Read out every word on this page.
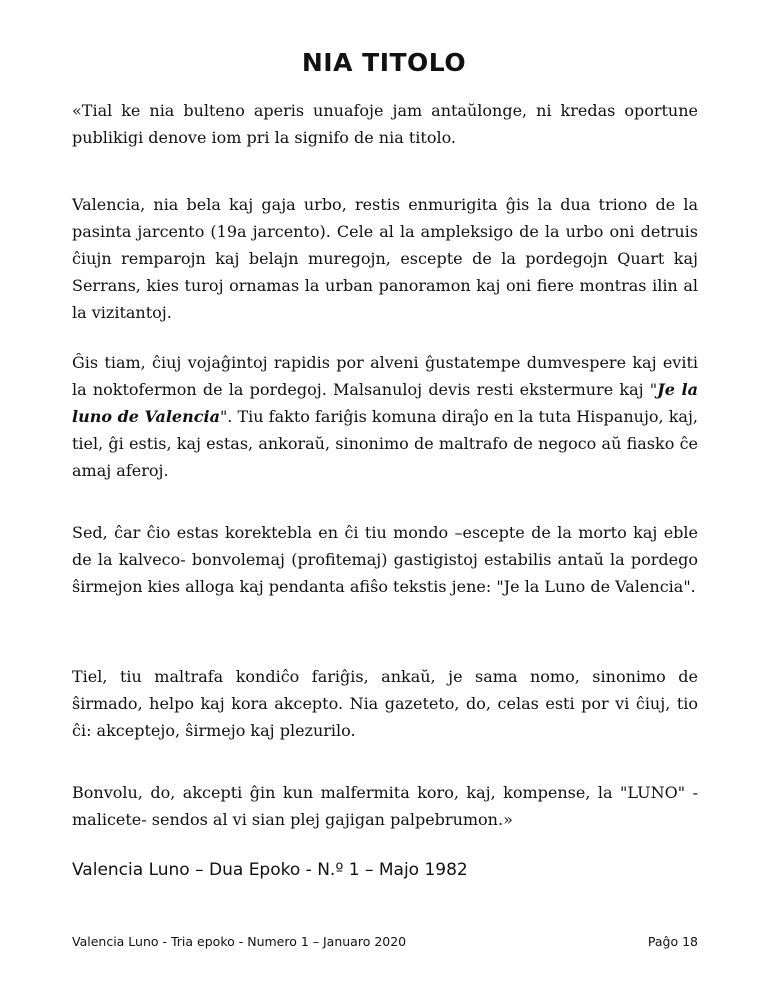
NIA TITOLO

«Tial ke nia bulteno aperis unuafoje jam antaŭlonge, ni kredas oportune publikigi denove iom pri la signifo de nia titolo.

Valencia, nia bela kaj gaja urbo, restis enmurigita ĝis la dua triono de la pasinta jarcento (19a jarcento). Cele al la ampleksigo de la urbo oni detruis ĉiujn remparojn kaj belajn muregojn, escepte de la pordegojn Quart kaj Serrans, kies turoj ornamas la urban panoramon kaj oni fiere montras ilin al la vizitantoj.

Ĝis tiam, ĉiuj vojaĝintoj rapidis por alveni ĝustatempe dumvespere kaj eviti la noktofermon de la pordegoj. Malsanuloj devis resti ekstermure kaj "Je la luno de Valencia". Tiu fakto fariĝis komuna diraĵo en la tuta Hispanujo, kaj, tiel, ĝi estis, kaj estas, ankoraŭ, sinonimo de maltrafo de negoco aŭ fiasko ĉe amaj aferoj.

Sed, ĉar ĉio estas korektebla en ĉi tiu mondo –escepte de la morto kaj eble de la kalveco- bonvolemaj (profitemaj) gastigistoj estabilis antaŭ la pordego ŝirmejon kies alloga kaj pendanta afiŝo tekstis jene: "Je la Luno de Valencia".

Tiel, tiu maltrafa kondiĉo fariĝis, ankaŭ, je sama nomo, sinonimo de ŝirmado, helpo kaj kora akcepto. Nia gazeteto, do, celas esti por vi ĉiuj, tio ĉi: akceptejo, ŝirmejo kaj plezurilo.

Bonvolu, do, akcepti ĝin kun malfermita koro, kaj, kompense, la "LUNO" -malicete- sendos al vi sian plej gajigan palpebrumon.»

Valencia Luno – Dua Epoko - N.º 1 – Majo 1982

Valencia Luno - Tria epoko - Numero 1 – Januaro 2020	Paĝo 18
